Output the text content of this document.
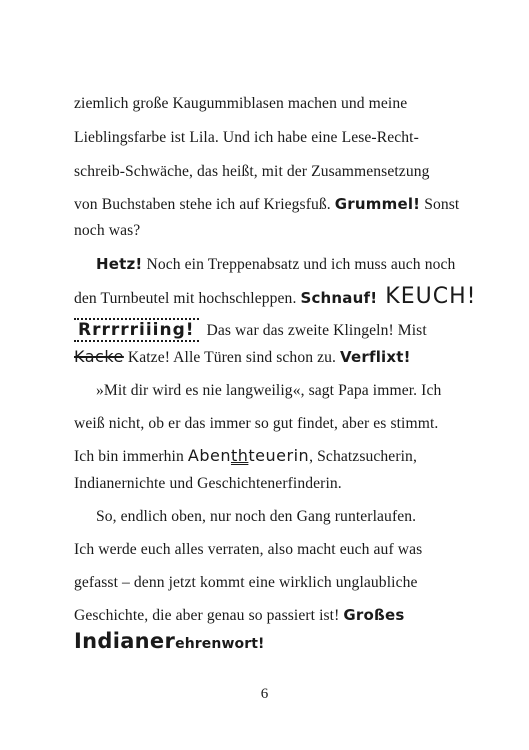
ziemlich große Kaugummiblasen machen und meine
Lieblingsfarbe ist Lila. Und ich habe eine Lese-Recht-
schreib-Schwäche, das heißt, mit der Zusammensetzung
von Buchstaben stehe ich auf Kriegsfuß. Grummel! Sonst
noch was?
Hetz! Noch ein Treppenabsatz und ich muss auch noch
den Turnbeutel mit hochschleppen. Schnauf! KEUCH!
Rrrrrriiing!  Das war das zweite Klingeln! Mist
Kacke Katze! Alle Türen sind schon zu. Verflixt!
»Mit dir wird es nie langweilig«, sagt Papa immer. Ich
weiß nicht, ob er das immer so gut findet, aber es stimmt.
Ich bin immerhin Abenthteuerin, Schatzsucherin,
Indianernichte und Geschichtenerfinderin.
So, endlich oben, nur noch den Gang runterlaufen.
Ich werde euch alles verraten, also macht euch auf was
gefasst – denn jetzt kommt eine wirklich unglaubliche
Geschichte, die aber genau so passiert ist! Großes
Indianerehrenwort!
6
